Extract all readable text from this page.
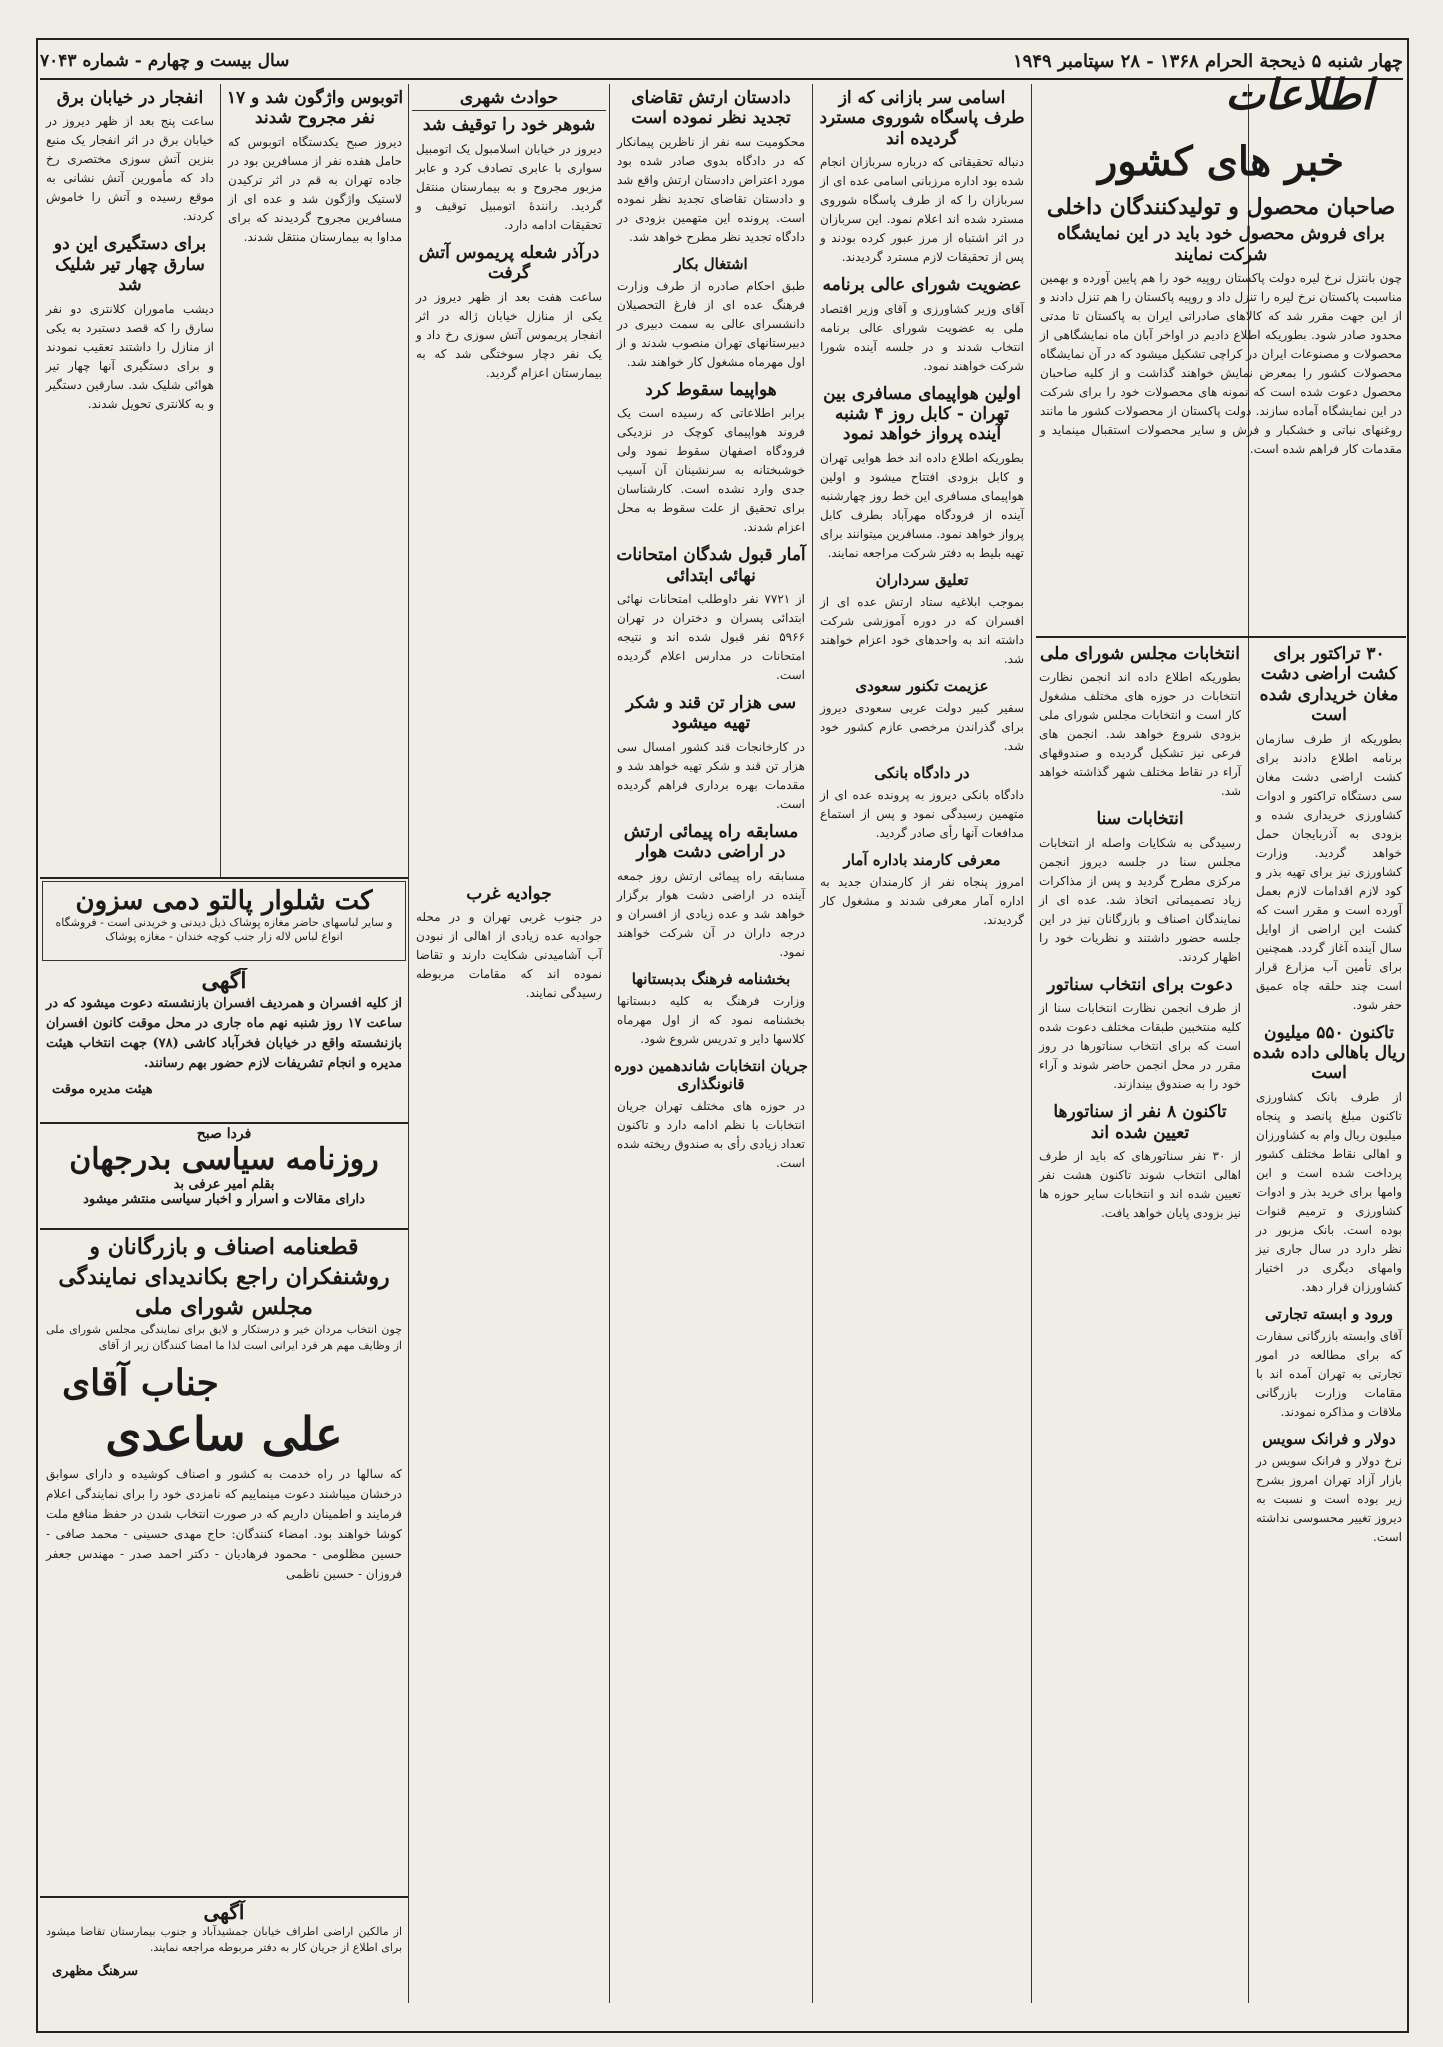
چهار شنبه ۵ ذیحجة الحرام ۱۳۶۸ - ۲۸ سپتامبر ۱۹۴۹
سال بیست و چهارم - شماره ۷۰۴۳
اطلاعات
خبر های کشور
صاحبان محصول و تولیدکنندگان داخلی
برای فروش محصول خود باید در این نمایشگاه شرکت نمایند

چون بانتزل نرخ لیره دولت پاکستان روپیه خود را هم پایین آورده و بهمین مناسبت پاکستان نرخ لیره را تنزل داد و روپیه پاکستان را هم تنزل دادند و از این جهت مقرر شد که کالاهای صادراتی ایران به پاکستان تا مدتی محدود صادر شود. بطوریکه اطلاع دادیم در اواخر آبان ماه نمایشگاهی از محصولات و مصنوعات ایران در کراچی تشکیل میشود که در آن نمایشگاه محصولات کشور را بمعرض نمایش خواهند گذاشت و از کلیه صاحبان محصول دعوت شده است که نمونه های محصولات خود را برای شرکت در این نمایشگاه آماده سازند. دولت پاکستان از محصولات کشور ما مانند روغنهای نباتی و خشکبار و فرش و سایر محصولات استقبال مینماید و مقدمات کار فراهم شده است.

۳۰ تراکتور برای کشت اراضی دشت مغان خریداری شده است

بطوریکه از طرف سازمان برنامه اطلاع دادند برای کشت اراضی دشت مغان سی دستگاه تراکتور و ادوات کشاورزی خریداری شده و بزودی به آذربایجان حمل خواهد گردید. وزارت کشاورزی نیز برای تهیه بذر و کود لازم اقدامات لازم بعمل آورده است و مقرر است که کشت این اراضی از اوایل سال آینده آغاز گردد. همچنین برای تأمین آب مزارع قرار است چند حلقه چاه عمیق حفر شود.

تاکنون ۵۵۰ میلیون ریال باهالی داده شده است

از طرف بانک کشاورزی تاکنون مبلغ پانصد و پنجاه میلیون ریال وام به کشاورزان و اهالی نقاط مختلف کشور پرداخت شده است و این وامها برای خرید بذر و ادوات کشاورزی و ترمیم قنوات بوده است. بانک مزبور در نظر دارد در سال جاری نیز وامهای دیگری در اختیار کشاورزان قرار دهد.

ورود و ابسته تجارتی

آقای وابسته بازرگانی سفارت که برای مطالعه در امور تجارتی به تهران آمده اند با مقامات وزارت بازرگانی ملاقات و مذاکره نمودند.

دولار و فرانک سویس

نرخ دولار و فرانک سویس در بازار آزاد تهران امروز بشرح زیر بوده است و نسبت به دیروز تغییر محسوسی نداشته است.

انتخابات مجلس شورای ملی

بطوریکه اطلاع داده اند انجمن نظارت انتخابات در حوزه های مختلف مشغول کار است و انتخابات مجلس شورای ملی بزودی شروع خواهد شد. انجمن های فرعی نیز تشکیل گردیده و صندوقهای آراء در نقاط مختلف شهر گذاشته خواهد شد.

انتخابات سنا

رسیدگی به شکایات واصله از انتخابات مجلس سنا در جلسه دیروز انجمن مرکزی مطرح گردید و پس از مذاکرات زیاد تصمیماتی اتخاذ شد. عده ای از نمایندگان اصناف و بازرگانان نیز در این جلسه حضور داشتند و نظریات خود را اظهار کردند.

دعوت برای انتخاب سناتور

از طرف انجمن نظارت انتخابات سنا از کلیه منتخبین طبقات مختلف دعوت شده است که برای انتخاب سناتورها در روز مقرر در محل انجمن حاضر شوند و آراء خود را به صندوق بیندازند.

تاکنون ۸ نفر از سناتورها تعیین شده اند

از ۳۰ نفر سناتورهای که باید از طرف اهالی انتخاب شوند تاکنون هشت نفر تعیین شده اند و انتخابات سایر حوزه ها نیز بزودی پایان خواهد یافت.

اسامی سر بازانی که از طرف پاسگاه شوروی مسترد گردیده اند

دنباله تحقیقاتی که درباره سربازان انجام شده بود اداره مرزبانی اسامی عده ای از سربازان را که از طرف پاسگاه شوروی مسترد شده اند اعلام نمود. این سربازان در اثر اشتباه از مرز عبور کرده بودند و پس از تحقیقات لازم مسترد گردیدند.

عضویت شورای عالی برنامه

آقای وزیر کشاورزی و آقای وزیر اقتصاد ملی به عضویت شورای عالی برنامه انتخاب شدند و در جلسه آینده شورا شرکت خواهند نمود.

اولین هواپیمای مسافری بین تهران - کابل روز ۴ شنبه آینده پرواز خواهد نمود

بطوریکه اطلاع داده اند خط هوایی تهران و کابل بزودی افتتاح میشود و اولین هواپیمای مسافری این خط روز چهارشنبه آینده از فرودگاه مهرآباد بطرف کابل پرواز خواهد نمود. مسافرین میتوانند برای تهیه بلیط به دفتر شرکت مراجعه نمایند.

تعلیق سرداران

بموجب ابلاغیه ستاد ارتش عده ای از افسران که در دوره آموزشی شرکت داشته اند به واحدهای خود اعزام خواهند شد.

عزیمت تکنور سعودی

سفیر کبیر دولت عربی سعودی دیروز برای گذراندن مرخصی عازم کشور خود شد.

در دادگاه بانکی

دادگاه بانکی دیروز به پرونده عده ای از متهمین رسیدگی نمود و پس از استماع مدافعات آنها رأی صادر گردید.

معرفی کارمند باداره آمار

امروز پنجاه نفر از کارمندان جدید به اداره آمار معرفی شدند و مشغول کار گردیدند.

دادستان ارتش تقاضای تجدید نظر نموده است

محکومیت سه نفر از ناظرین پیمانکار که در دادگاه بدوی صادر شده بود مورد اعتراض دادستان ارتش واقع شد و دادستان تقاضای تجدید نظر نموده است. پرونده این متهمین بزودی در دادگاه تجدید نظر مطرح خواهد شد.

اشتغال بکار

طبق احکام صادره از طرف وزارت فرهنگ عده ای از فارغ التحصیلان دانشسرای عالی به سمت دبیری در دبیرستانهای تهران منصوب شدند و از اول مهرماه مشغول کار خواهند شد.

هواپیما سقوط کرد

برابر اطلاعاتی که رسیده است یک فروند هواپیمای کوچک در نزدیکی فرودگاه اصفهان سقوط نمود ولی خوشبختانه به سرنشینان آن آسیب جدی وارد نشده است. کارشناسان برای تحقیق از علت سقوط به محل اعزام شدند.

آمار قبول شدگان امتحانات نهائی ابتدائی

از ۷۷۲۱ نفر داوطلب امتحانات نهائی ابتدائی پسران و دختران در تهران ۵۹۶۶ نفر قبول شده اند و نتیجه امتحانات در مدارس اعلام گردیده است.

سی هزار تن قند و شکر تهیه میشود

در کارخانجات قند کشور امسال سی هزار تن قند و شکر تهیه خواهد شد و مقدمات بهره برداری فراهم گردیده است.

مسابقه راه پیمائی ارتش در اراضی دشت هوار

مسابقه راه پیمائی ارتش روز جمعه آینده در اراضی دشت هوار برگزار خواهد شد و عده زیادی از افسران و درجه داران در آن شرکت خواهند نمود.

بخشنامه فرهنگ بدبستانها

وزارت فرهنگ به کلیه دبستانها بخشنامه نمود که از اول مهرماه کلاسها دایر و تدریس شروع شود.

جریان انتخابات شاندهمین دوره قانونگذاری

در حوزه های مختلف تهران جریان انتخابات با نظم ادامه دارد و تاکنون تعداد زیادی رأی به صندوق ریخته شده است.

حوادث شهری
شوهر خود را توقیف شد

دیروز در خیابان اسلامبول یک اتومبیل سواری با عابری تصادف کرد و عابر مزبور مجروح و به بیمارستان منتقل گردید. رانندهٔ اتومبیل توقیف و تحقیقات ادامه دارد.

درآذر شعله پریموس آتش گرفت

ساعت هفت بعد از ظهر دیروز در یکی از منازل خیابان ژاله در اثر انفجار پریموس آتش سوزی رخ داد و یک نفر دچار سوختگی شد که به بیمارستان اعزام گردید.

اتوبوس واژگون شد و ۱۷ نفر مجروح شدند

دیروز صبح یکدستگاه اتوبوس که حامل هفده نفر از مسافرین بود در جاده تهران به قم در اثر ترکیدن لاستیک واژگون شد و عده ای از مسافرین مجروح گردیدند که برای مداوا به بیمارستان منتقل شدند.

انفجار در خیابان برق

ساعت پنج بعد از ظهر دیروز در خیابان برق در اثر انفجار یک منبع بنزین آتش سوزی مختصری رخ داد که مأمورین آتش نشانی به موقع رسیده و آتش را خاموش کردند.

برای دستگیری این دو سارق چهار تیر شلیک شد

دیشب ماموران کلانتری دو نفر سارق را که قصد دستبرد به یکی از منازل را داشتند تعقیب نمودند و برای دستگیری آنها چهار تیر هوائی شلیک شد. سارقین دستگیر و به کلانتری تحویل شدند.

کت شلوار پالتو دمی سزون

و سایر لباسهای حاضر مغازه پوشاک ذیل دیدنی و خریدنی است - فروشگاه انواع لباس لاله زار جنب کوچه خندان - مغازه پوشاک

جوادیه غرب

در جنوب غربی تهران و در محله جوادیه عده زیادی از اهالی از نبودن آب آشامیدنی شکایت دارند و تقاضا نموده اند که مقامات مربوطه رسیدگی نمایند.

آگهی

از کلیه افسران و همردیف افسران بازنشسته دعوت میشود که در ساعت ۱۷ روز شنبه نهم ماه جاری در محل موقت کانون افسران بازنشسته واقع در خیابان فخرآباد کاشی (۷۸) جهت انتخاب هیئت مدیره و انجام تشریفات لازم حضور بهم رسانند.

هیئت مدیره موقت
فردا صبح
روزنامه سیاسی بدرجهان
بقلم امیر عرفی بد
دارای مقالات و اسرار و اخبار سیاسی منتشر میشود
قطعنامه اصناف و بازرگانان و روشنفکران راجع بکاندیدای نمایندگی مجلس شورای ملی

چون انتخاب مردان خیر و درستکار و لایق برای نمایندگی مجلس شورای ملی از وظایف مهم هر فرد ایرانی است لذا ما امضا کنندگان زیر از آقای

جناب آقای
علی ساعدی

که سالها در راه خدمت به کشور و اصناف کوشیده و دارای سوابق درخشان میباشند دعوت مینماییم که نامزدی خود را برای نمایندگی اعلام فرمایند و اطمینان داریم که در صورت انتخاب شدن در حفظ منافع ملت کوشا خواهند بود. امضاء کنندگان: حاج مهدی حسینی - محمد صافی - حسین مظلومی - محمود فرهادیان - دکتر احمد صدر - مهندس جعفر فروزان - حسین ناظمی

آگهی

از مالکین اراضی اطراف خیابان جمشیدآباد و جنوب بیمارستان تقاضا میشود برای اطلاع از جریان کار به دفتر مربوطه مراجعه نمایند.

سرهنگ مظهری
